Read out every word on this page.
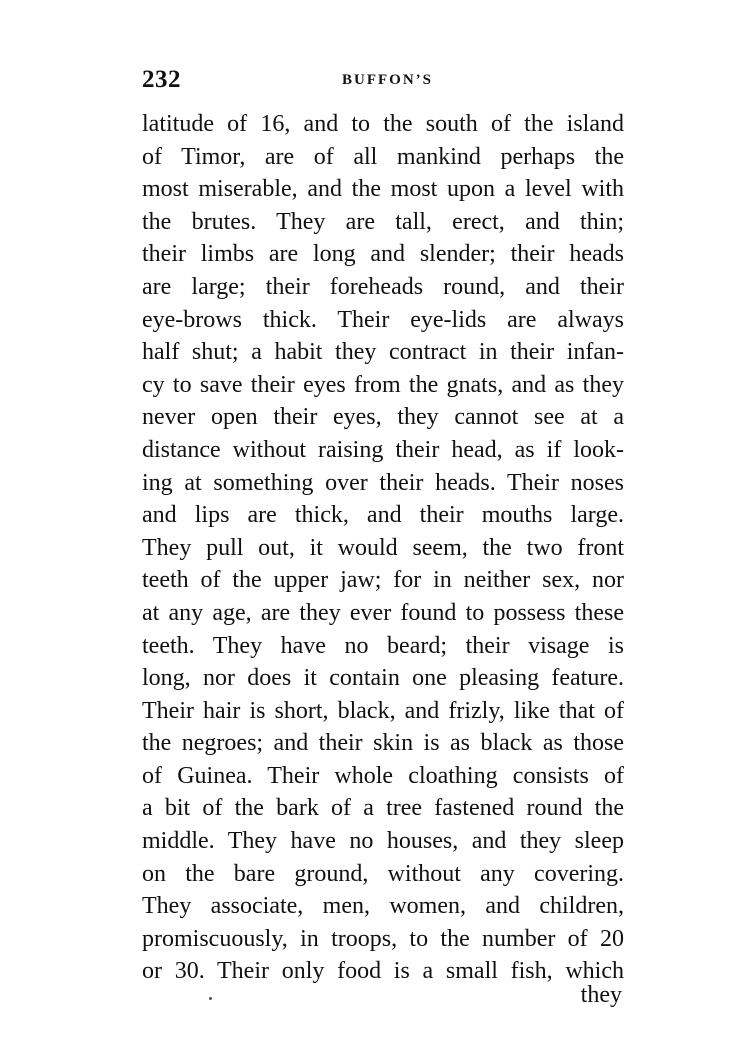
232	BUFFON’S
latitude of 16, and to the south of the island
of Timor, are of all mankind perhaps the
most miserable, and the most upon a level with
the brutes. They are tall, erect, and thin;
their limbs are long and slender; their heads
are large; their foreheads round, and their
eye-brows thick. Their eye-lids are always
half shut; a habit they contract in their infan-
cy to save their eyes from the gnats, and as they
never open their eyes, they cannot see at a
distance without raising their head, as if look-
ing at something over their heads. Their noses
and lips are thick, and their mouths large.
They pull out, it would seem, the two front
teeth of the upper jaw; for in neither sex, nor
at any age, are they ever found to possess these
teeth. They have no beard; their visage is
long, nor does it contain one pleasing feature.
Their hair is short, black, and frizly, like that of
the negroes; and their skin is as black as those
of Guinea. Their whole cloathing consists of
a bit of the bark of a tree fastened round the
middle. They have no houses, and they sleep
on the bare ground, without any covering.
They associate, men, women, and children,
promiscuously, in troops, to the number of 20
or 30. Their only food is a small fish, which
they
